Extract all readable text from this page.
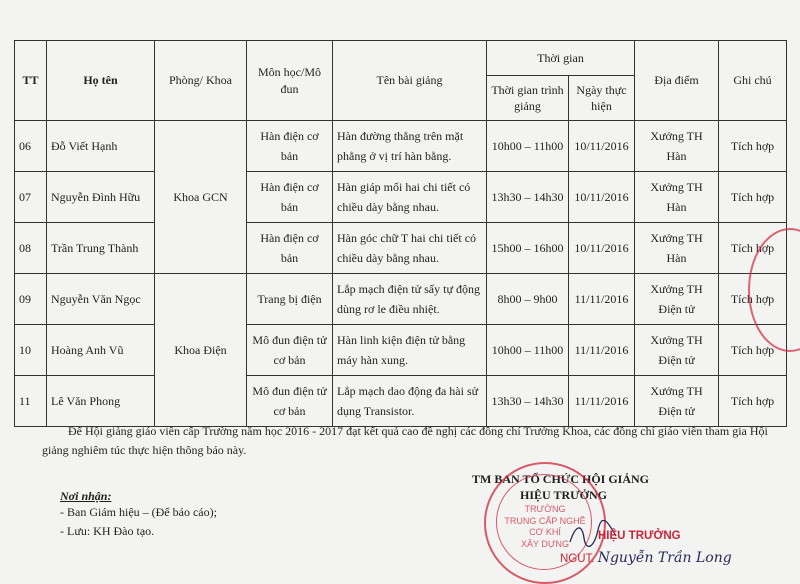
TT	Họ tên	Phòng/ Khoa	Môn học/Mô đun	Tên bài giảng	Thời gian		Địa điểm	Ghi chú
					Thời gian trình giảng	Ngày thực hiện		
06	Đỗ Viết Hạnh	Khoa GCN	Hàn điện cơ bản	Hàn đường thẳng trên mặt phẳng ở vị trí hàn bằng.	10h00 – 11h00	10/11/2016	Xưởng TH Hàn	Tích hợp
07	Nguyễn Đình Hữu		Hàn điện cơ bản	Hàn giáp mối hai chi tiết có chiều dày bằng nhau.	13h30 – 14h30	10/11/2016	Xưởng TH Hàn	Tích hợp
08	Trần Trung Thành		Hàn điện cơ bản	Hàn góc chữ T hai chi tiết có chiều dày bằng nhau.	15h00 – 16h00	10/11/2016	Xưởng TH Hàn	Tích hợp
09	Nguyễn Văn Ngọc	Khoa Điện	Trang bị điện	Lắp mạch điện tử sấy tự động dùng rơ le điều nhiệt.	8h00 – 9h00	11/11/2016	Xưởng TH Điện tử	Tích hợp
10	Hoàng Anh Vũ		Mô đun điện tử cơ bản	Hàn linh kiện điện tử bằng máy hàn xung.	10h00 – 11h00	11/11/2016	Xưởng TH Điện tử	Tích hợp
11	Lê Văn Phong		Mô đun điện tử cơ bản	Lắp mạch dao động đa hài sử dụng Transistor.	13h30 – 14h30	11/11/2016	Xưởng TH Điện tử	Tích hợp
Để Hội giảng giáo viên cấp Trường năm học 2016 - 2017 đạt kết quả cao đề nghị các đồng chí Trưởng Khoa, các đồng chí giáo viên tham gia Hội giảng nghiêm túc thực hiện thông báo này.
Nơi nhận:
- Ban Giám hiệu – (Để báo cáo);
- Lưu: KH Đào tạo.
TM BAN TỔ CHỨC HỘI GIẢNG
HIỆU TRƯỞNG
TRƯỜNG
TRUNG CẤP NGHỀ
CƠ KHÍ
XÂY DỰNG
HIỆU TRƯỞNG
NGUT. Nguyễn Trần Long
